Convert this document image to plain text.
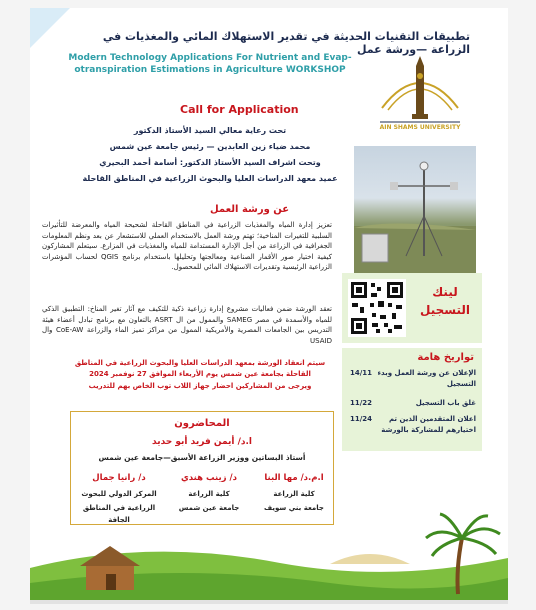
تطبيقات التقنيات الحديثة في تقدير الاستهلاك المائي والمغذيات في الزراعة —ورشة عمل
Modern Technology Applications For Nutrient and Evap-
otranspiration Estimations in Agriculture WORKSHOP
Call for Application
تحت رعاية معالي السيد الأستاذ الدكتور
محمد ضياء زين العابدين — رئيس جامعة عين شمس
وتحت اشراف السيد الأستاذ الدكتور: أسامة أحمد البحيري
عميد معهد الدراسات العليا والبحوث الزراعية في المناطق القاحلة
AIN SHAMS UNIVERSITY
عن ورشة العمل
تعزيز إدارة المياه والمغذيات الزراعية في المناطق القاحلة لشحيحة المياه والمعرضة للتأثيرات السلبية للتغيرات المناخية؛ تهتم ورشة العمل بالاستخدام العملي للاستشعار عن بعد ونظم المعلومات الجغرافية في الزراعة من أجل الإدارة المستدامة للمياه والمغذيات في المزارع. سيتعلم المشاركون كيفية اختيار صور الأقمار الصناعية ومعالجتها وتحليلها باستخدام برنامج QGIS لحساب المؤشرات الزراعية الرئيسية وتقديرات الاستهلاك المائي للمحصول.
تعقد الورشة ضمن فعاليات مشروع إدارة زراعية ذكية للتكيف مع آثار تغير المناخ: التطبيق الذكي للمياه والأسمدة في مصر SAMEG والممول من ال ASRT بالتعاون مع برنامج تبادل أعضاء هيئة التدريس بين الجامعات المصرية والأمريكية الممول من مراكز تميز الماء والزراعة CoE-AW وال USAID
سيتم انعقاد الورشة بمعهد الدراسات العليا والبحوث الزراعية في المناطق
القاحلة بجامعة عين شمس يوم الأربعاء الموافق 27 نوفمبر 2024
ويرجى من المشاركين احضار جهاز اللاب توب الخاص بهم للتدريب
لينك
التسجيل
تواريخ هامة
14/11 الإعلان عن ورشة العمل وبدء التسجيل
11/22	غلق باب التسجيل
11/24	اعلان المتقدمين الذين تم اختيارهم للمشاركة بالورشة
المحاضرون
ا.د/ أيمن فريد أبو حديد
أستاذ البساتين ووزير الزراعة الأسبق—جامعة عين شمس
ا.م.د/ مها البنا
كلية الزراعة
جامعة بني سويف
د/ زينب هندي
كلية الزراعة
جامعة عين شمس
د/ رانيا جمال
المركز الدولي للبحوث
الزراعية في المناطق الجافة
